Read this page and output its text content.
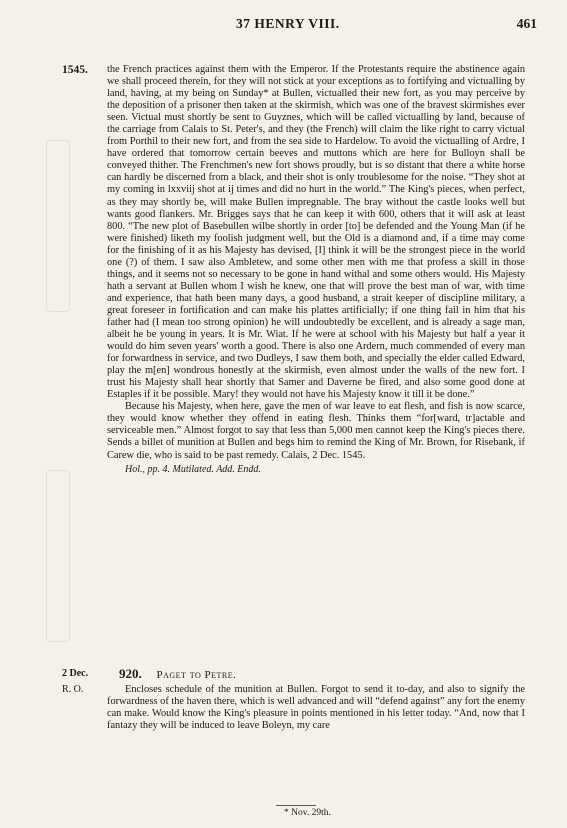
37 HENRY VIII.	461
1545. the French practices against them with the Emperor. If the Protestants require the abstinence again we shall proceed therein, for they will not stick at your exceptions as to fortifying and victualling by land, having, at my being on Sunday* at Bullen, victualled their new fort, as you may perceive by the deposition of a prisoner then taken at the skirmish, which was one of the bravest skirmishes ever seen. Victual must shortly be sent to Guyznes, which will be called victualling by land, because of the carriage from Calais to St. Peter's, and they (the French) will claim the like right to carry victual from Porthil to their new fort, and from the sea side to Hardelow. To avoid the victualling of Ardre, I have ordered that tomorrow certain beeves and muttons which are here for Bulloyn shall be conveyed thither. The Frenchmen's new fort shows proudly, but is so distant that there a white horse can hardly be discerned from a black, and their shot is only troublesome for the noise. “They shot at my coming in lxxviij shot at ij times and did no hurt in the world.” The King's pieces, when perfect, as they may shortly be, will make Bullen impregnable. The bray without the castle looks well but wants good flankers. Mr. Brigges says that he can keep it with 600, others that it will ask at least 800. “The new plot of Basebullen wilbe shortly in order [to] be defended and the Young Man (if he were finished) liketh my foolish judgment well, but the Old is a diamond and, if a time may come for the finishing of it as his Majesty has devised, [I] think it will be the strongest piece in the world one (?) of them. I saw also Ambletew, and some other men with me that profess a skill in those things, and it seems not so necessary to be gone in hand withal and some others would. His Majesty hath a servant at Bullen whom I wish he knew, one that will prove the best man of war, with time and experience, that hath been many days, a good husband, a strait keeper of discipline military, a great foreseer in fortification and can make his plattes artificially; if one thing fail in him that his father had (I mean too strong opinion) he will undoubtedly be excellent, and is already a sage man, albeit he be young in years. It is Mr. Wiat. If he were at school with his Majesty but half a year it would do him seven years' worth a good. There is also one Ardern, much commended of every man for forwardness in service, and two Dudleys, I saw them both, and specially the elder called Edward, play the m[en] wondrous honestly at the skirmish, even almost under the walls of the new fort. I trust his Majesty shall hear shortly that Samer and Daverne be fired, and also some good done at Estaples if it be possible. Mary! they would not have his Majesty know it till it be done.”

Because his Majesty, when here, gave the men of war leave to eat flesh, and fish is now scarce, they would know whether they offend in eating flesh. Thinks them “for[ward, tr]actable and serviceable men.” Almost forgot to say that less than 5,000 men cannot keep the King's pieces there. Sends a billet of munition at Bullen and begs him to remind the King of Mr. Brown, for Risebank, if Carew die, who is said to be past remedy. Calais, 2 Dec. 1545.

Hol., pp. 4. Mutilated. Add. Endd.

2 Dec.
R. O.
920. Paget to Petre.

Encloses schedule of the munition at Bullen. Forgot to send it to-day, and also to signify the forwardness of the haven there, which is well advanced and will “defend against” any fort the enemy can make. Would know the King's pleasure in points mentioned in his letter today. “And, now that I fantazy they will be induced to leave Boleyn, my care

* Nov. 29th.
